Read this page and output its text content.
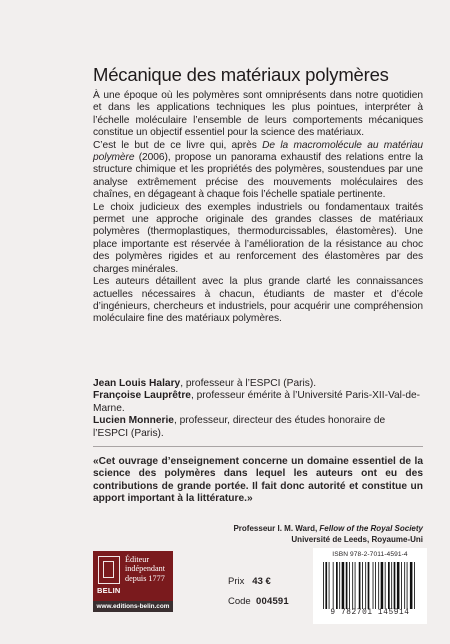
Mécanique des matériaux polymères

À une époque où les polymères sont omniprésents dans notre quotidien et dans les applications techniques les plus pointues, interpréter à l’échelle moléculaire l’ensemble de leurs comportements mécaniques constitue un objectif essentiel pour la science des matériaux.

C’est le but de ce livre qui, après De la macromolécule au matériau polymère (2006), propose un panorama exhaustif des relations entre la structure chimique et les propriétés des polymères, soustendues par une analyse extrêmement précise des mouvements moléculaires des chaînes, en dégageant à chaque fois l’échelle spatiale pertinente.

Le choix judicieux des exemples industriels ou fondamentaux traités permet une approche originale des grandes classes de matériaux polymères (thermoplastiques, thermodurcissables, élastomères). Une place importante est réservée à l’amélioration de la résistance au choc des polymères rigides et au renforcement des élastomères par des charges minérales.

Les auteurs détaillent avec la plus grande clarté les connaissances actuelles nécessaires à chacun, étudiants de master et d’école d’ingénieurs, chercheurs et industriels, pour acquérir une compréhension moléculaire fine des matériaux polymères.

Jean Louis Halary, professeur à l’ESPCI (Paris).

Françoise Lauprêtre, professeur émérite à l’Université Paris-XII-Val-de-Marne.

Lucien Monnerie, professeur, directeur des études honoraire de l’ESPCI (Paris).

«Cet ouvrage d’enseignement concerne un domaine essentiel de la science des polymères dans lequel les auteurs ont eu des contributions de grande portée. Il fait donc autorité et constitue un apport important à la littérature.»
Professeur I. M. Ward, Fellow of the Royal Society
Université de Leeds, Royaume-Uni
BELIN
Éditeur
indépendant
depuis 1777
www.editions-belin.com
Prix 43 €
Code 004591
ISBN 978-2-7011-4591-4
9 782701 145914
